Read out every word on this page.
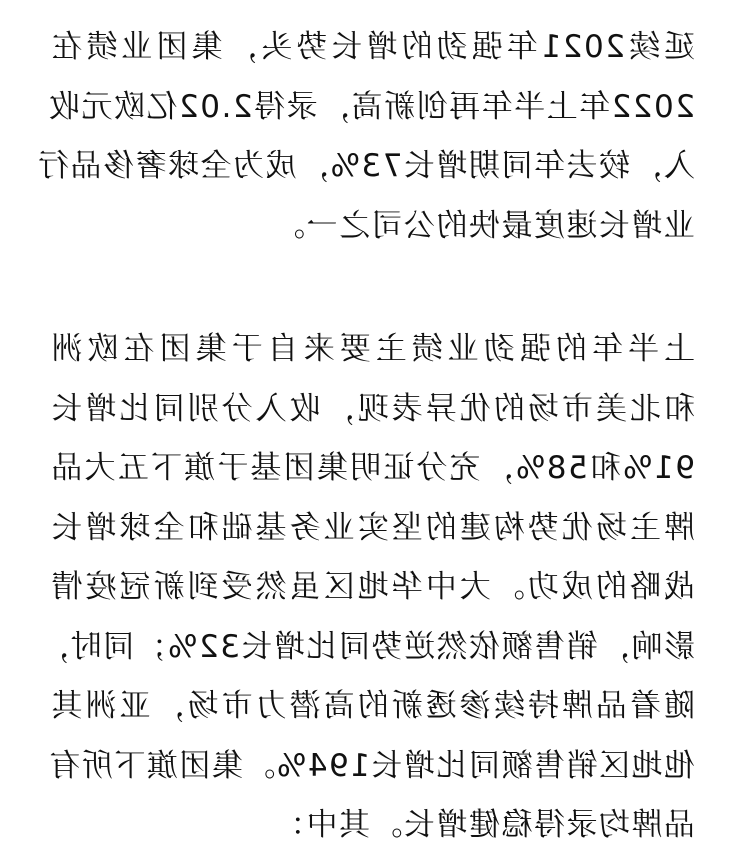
延续2021年强劲的增长势头，集团业绩在
2022年上半年再创新高，录得2.02亿欧元收
入，较去年同期增长73%，成为全球奢侈品行
业增长速度最快的公司之一。
上半年的强劲业绩主要来自于集团在欧洲
和北美市场的优异表现，收入分别同比增长
91%和58%，充分证明集团基于旗下五大品
牌主场优势构建的坚实业务基础和全球增长
战略的成功。大中华地区虽然受到新冠疫情
影响，销售额依然逆势同比增长32%；同时，
随着品牌持续渗透新的高潜力市场，亚洲其
他地区销售额同比增长194%。集团旗下所有
品牌均录得稳健增长。其中：
